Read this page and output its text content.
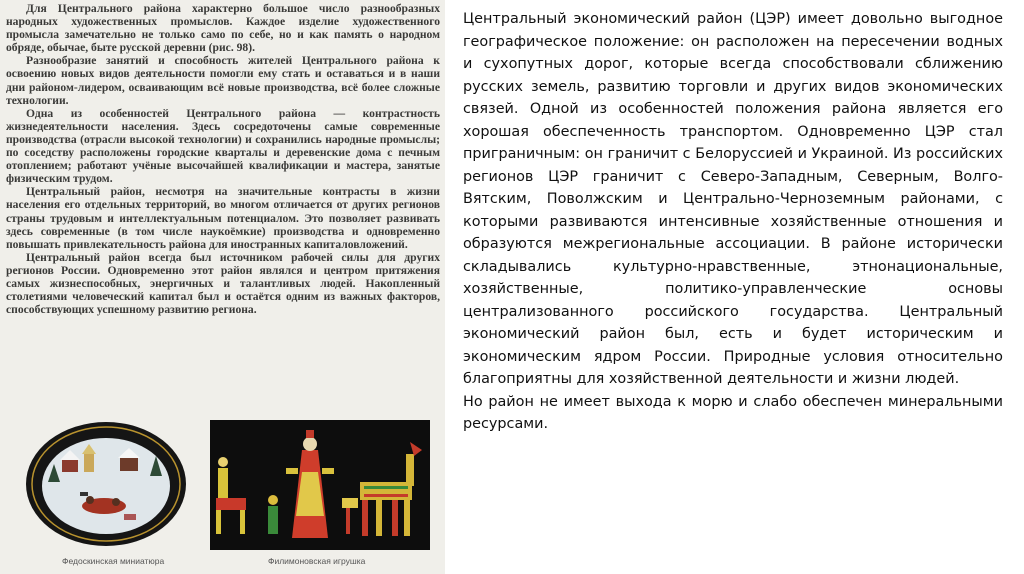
Для Центрального района характерно большое число разнообразных народных художественных промыслов. Каждое изделие художественного промысла замечательно не только само по себе, но и как память о народном обряде, обычае, быте русской деревни (рис. 98).

Разнообразие занятий и способность жителей Центрального района к освоению новых видов деятельности помогли ему стать и оставаться и в наши дни районом-лидером, осваивающим всё новые производства, всё более сложные технологии.

Одна из особенностей Центрального района — контрастность жизнедеятельности населения. Здесь сосредоточены самые современные производства (отрасли высокой технологии) и сохранились народные промыслы; по соседству расположены городские кварталы и деревенские дома с печным отоплением; работают учёные высочайшей квалификации и мастера, занятые физическим трудом.

Центральный район, несмотря на значительные контрасты в жизни населения его отдельных территорий, во многом отличается от других регионов страны трудовым и интеллектуальным потенциалом. Это позволяет развивать здесь современные (в том числе наукоёмкие) производства и одновременно повышать привлекательность района для иностранных капиталовложений.

Центральный район всегда был источником рабочей силы для других регионов России. Одновременно этот район являлся и центром притяжения самых жизнеспособных, энергичных и талантливых людей. Накопленный столетиями человеческий капитал был и остаётся одним из важных факторов, способствующих успешному развитию региона.

Федоскинская миниатюра	Филимоновская игрушка

Центральный экономический район (ЦЭР) имеет довольно выгодное географическое положение: он расположен на пересечении водных и сухопутных дорог, которые всегда способствовали сближению русских земель, развитию торговли и других видов экономических связей. Одной из особенностей положения района является его хорошая обеспеченность транспортом. Одновременно ЦЭР стал приграничным: он граничит с Белоруссией и Украиной. Из российских регионов ЦЭР граничит с Северо-Западным, Северным, Волго-Вятским, Поволжским и Центрально-Черноземным районами, с которыми развиваются интенсивные хозяйственные отношения и образуются межрегиональные ассоциации. В районе исторически складывались культурно-нравственные, этнонациональные, хозяйственные, политико-управленческие основы централизованного российского государства. Центральный экономический район был, есть и будет историческим и экономическим ядром России. Природные условия относительно благоприятны для хозяйственной деятельности и жизни людей.

Но район не имеет выхода к морю и слабо обеспечен минеральными ресурсами.
